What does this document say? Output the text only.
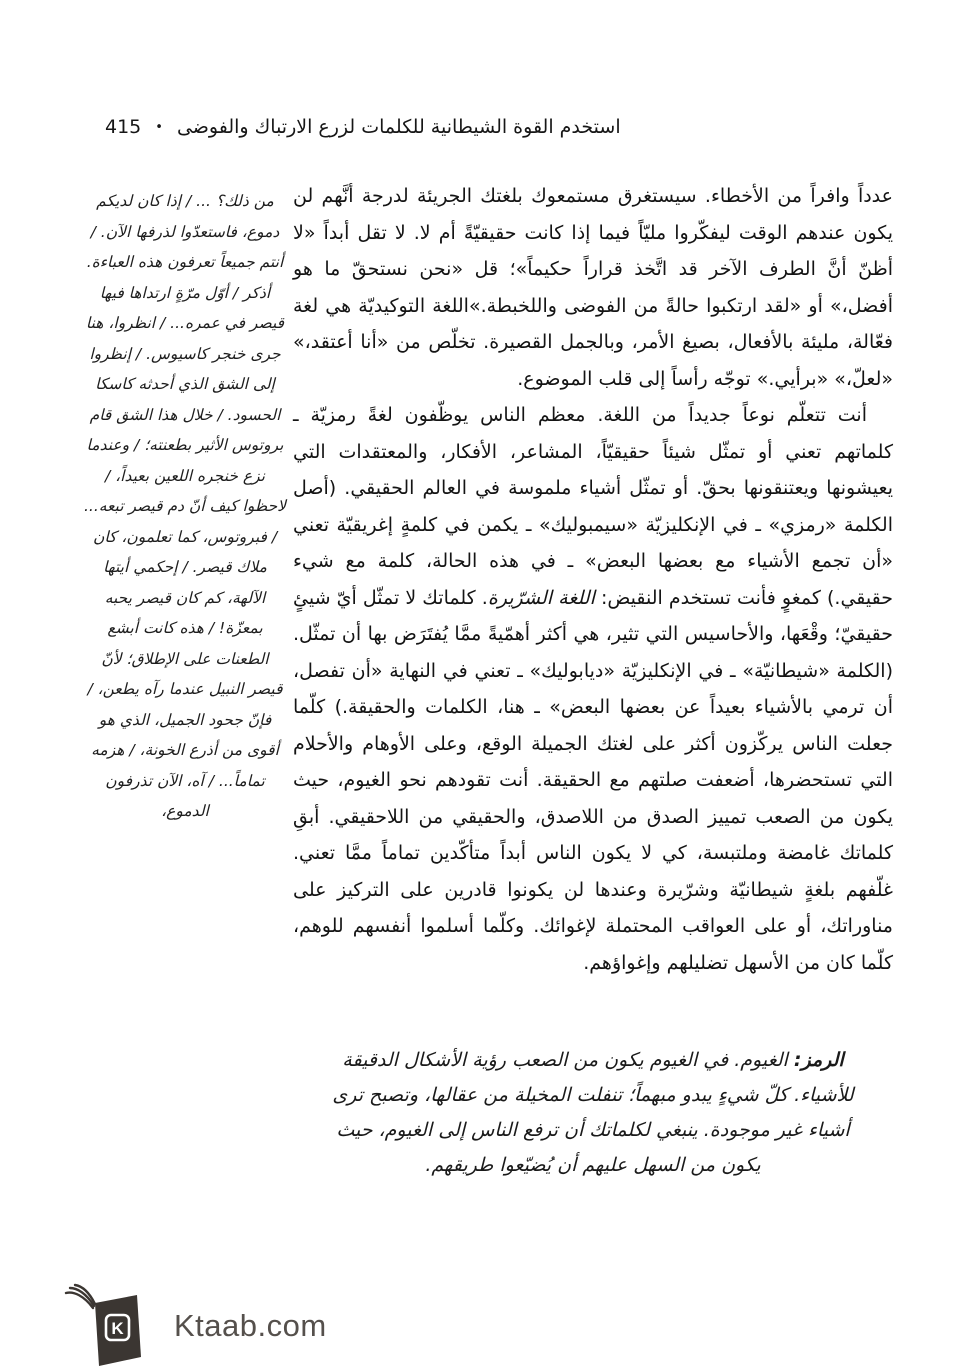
استخدم القوة الشيطانية للكلمات لزرع الارتباك والفوضى•415
من ذلك؟ ... / إذا كان لديكم دموع، فاستعدّوا لذرفها الآن. / أنتم جميعاً تعرفون هذه العباءة. أذكر / أوّل مرّةٍ ارتداها فيها قيصر في عمره... / انظروا، هنا جرى خنجر كاسيوس. / إنظروا إلى الشق الذي أحدثه كاسكا الحسود. / خلال هذا الشق قام بروتوس الأثير بطعنته؛ / وعندما نزع خنجره اللعين بعيداً، / لاحظوا كيف أنّ دم قيصر تبعه... / فبروتوس، كما تعلمون، كان ملاك قيصر. / إحكمي أيتها الآلهة، كم كان قيصر يحبه بمعزّة! / هذه كانت أبشع الطعنات على الإطلاق؛ لأنّ قيصر النبيل عندما رآه يطعن، / فإنّ جحود الجميل، الذي هو أقوى من أذرع الخونة، / هزمه تماماً... / آه، الآن تذرفون الدموع،

عدداً وافراً من الأخطاء. سيستغرق مستمعوك بلغتك الجريئة لدرجة أنَّهم لن يكون عندهم الوقت ليفكّروا مليّاً فيما إذا كانت حقيقيّةً أم لا. لا تقل أبداً «لا أظنّ أنَّ الطرف الآخر قد اتَّخذ قراراً حكيماً»؛ قل «نحن نستحقّ ما هو أفضل،» أو «لقد ارتكبوا حالةً من الفوضى واللخبطة.»اللغة التوكيديّة هي لغة فعّالة، مليئة بالأفعال، بصيغ الأمر، وبالجمل القصيرة. تخلّص من «أنا أعتقد،» «لعلّ،» «برأيي.» توجّه رأساً إلى قلب الموضوع.

أنت تتعلّم نوعاً جديداً من اللغة. معظم الناس يوظّفون لغةً رمزيّة ـ كلماتهم تعني أو تمثّل شيئاً حقيقيّاً، المشاعر، الأفكار، والمعتقدات التي يعيشونها ويعتنقونها بحقّ. أو تمثّل أشياء ملموسة في العالم الحقيقي. (أصل الكلمة «رمزي» ـ في الإنكليزيّة «سيمبوليك» ـ يكمن في كلمةٍ إغريقيّة تعني «أن تجمع الأشياء مع بعضها البعض» ـ في هذه الحالة، كلمة مع شيء حقيقي.) كمغوٍ فأنت تستخدم النقيض: اللغة الشرّيرة. كلماتك لا تمثّل أيّ شيئٍ حقيقيّ؛ وقْعَها، والأحاسيس التي تثير، هي أكثر أهمّيةً ممَّا يُفتَرَض بها أن تمثّل. (الكلمة «شيطانيّة» ـ في الإنكليزيّة «ديابوليك» ـ تعني في النهاية «أن تفصل، أن ترمي بالأشياء بعيداً عن بعضها البعض» ـ هنا، الكلمات والحقيقة.) كلّما جعلت الناس يركّزون أكثر على لغتك الجميلة الوقع، وعلى الأوهام والأحلام التي تستحضرها، أضعفت صلتهم مع الحقيقة. أنت تقودهم نحو الغيوم، حيث يكون من الصعب تمييز الصدق من اللاصدق، والحقيقي من اللاحقيقي. أبقِ كلماتك غامضة وملتبسة، كي لا يكون الناس أبداً متأكّدين تماماً ممَّا تعني. غلّفهم بلغةٍ شيطانيّة وشرّيرة وعندها لن يكونوا قادرين على التركيز على مناوراتك، أو على العواقب المحتملة لإغوائك. وكلّما أسلموا أنفسهم للوهم، كلّما كان من الأسهل تضليلهم وإغواؤهم.

الرمز: الغيوم. في الغيوم يكون من الصعب رؤية الأشكال الدقيقة للأشياء. كلّ شيءٍ يبدو مبهماً؛ تنفلت المخيلة من عقالها، وتصبح ترى أشياء غير موجودة. ينبغي لكلماتك أن ترفع الناس إلى الغيوم، حيث يكون من السهل عليهم أن يُضيّعوا طريقهم.
K Ktaab.com
